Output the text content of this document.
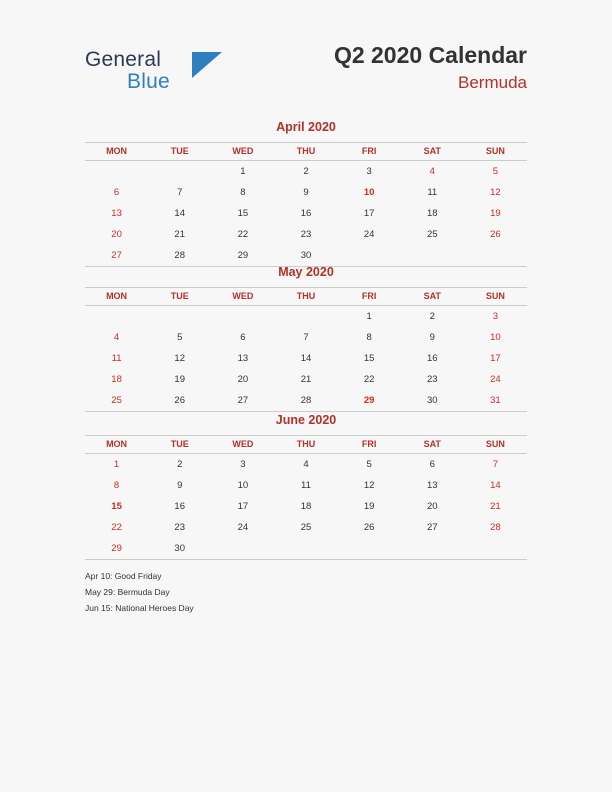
General
Blue
Q2 2020 Calendar
Bermuda
April 2020
MON	TUE	WED	THU	FRI	SAT	SUN
		1	2	3	4	5
6	7	8	9	10	11	12
13	14	15	16	17	18	19
20	21	22	23	24	25	26
27	28	29	30			
May 2020
MON	TUE	WED	THU	FRI	SAT	SUN
				1	2	3
4	5	6	7	8	9	10
11	12	13	14	15	16	17
18	19	20	21	22	23	24
25	26	27	28	29	30	31
June 2020
MON	TUE	WED	THU	FRI	SAT	SUN
1	2	3	4	5	6	7
8	9	10	11	12	13	14
15	16	17	18	19	20	21
22	23	24	25	26	27	28
29	30					
Apr 10: Good Friday
May 29: Bermuda Day
Jun 15: National Heroes Day
